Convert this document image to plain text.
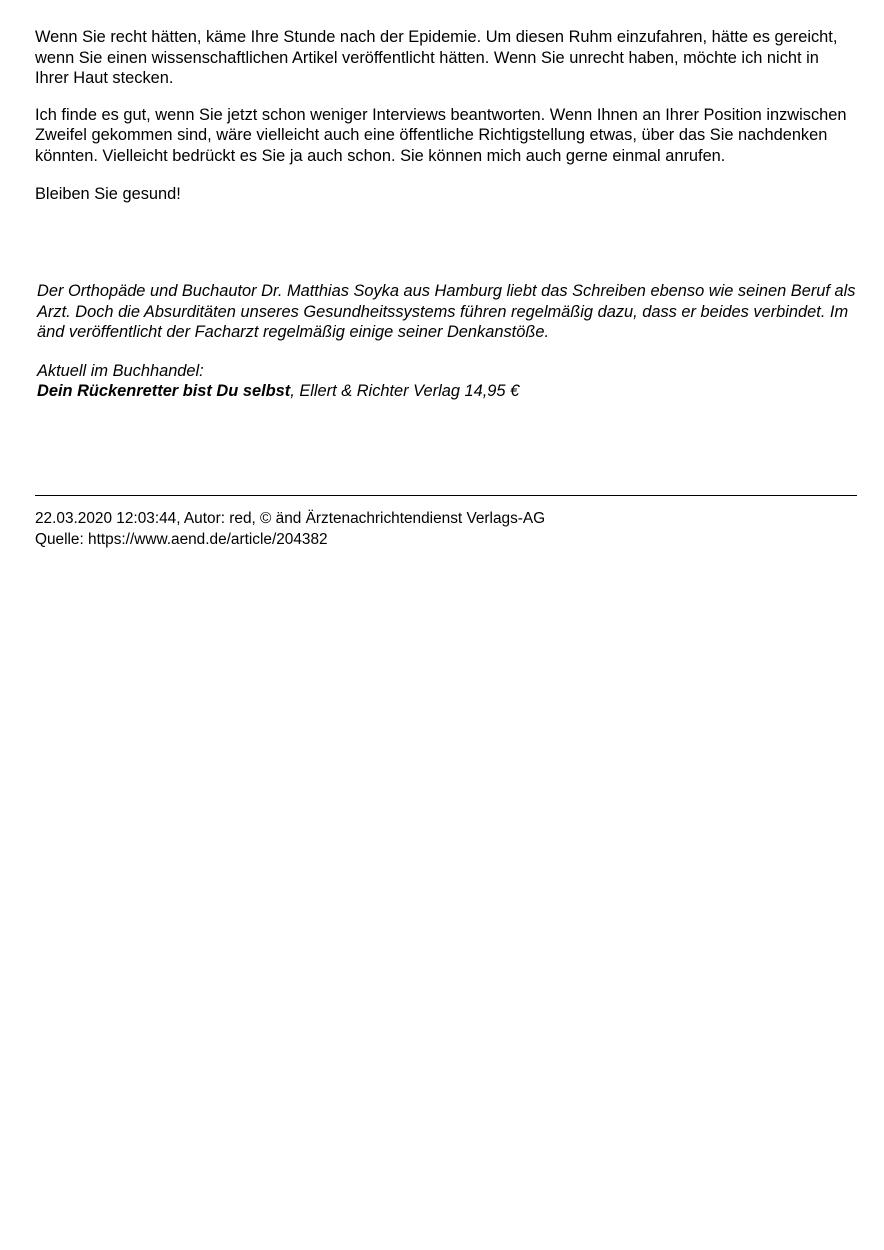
Wenn Sie recht hätten, käme Ihre Stunde nach der Epidemie. Um diesen Ruhm einzufahren, hätte es gereicht, wenn Sie einen wissenschaftlichen Artikel veröffentlicht hätten. Wenn Sie unrecht haben, möchte ich nicht in Ihrer Haut stecken.

Ich finde es gut, wenn Sie jetzt schon weniger Interviews beantworten. Wenn Ihnen an Ihrer Position inzwischen Zweifel gekommen sind, wäre vielleicht auch eine öffentliche Richtigstellung etwas, über das Sie nachdenken könnten. Vielleicht bedrückt es Sie ja auch schon. Sie können mich auch gerne einmal anrufen.

Bleiben Sie gesund!

Der Orthopäde und Buchautor Dr. Matthias Soyka aus Hamburg liebt das Schreiben ebenso wie seinen Beruf als Arzt. Doch die Absurditäten unseres Gesundheitssystems führen regelmäßig dazu, dass er beides verbindet. Im änd veröffentlicht der Facharzt regelmäßig einige seiner Denkanstöße.

Aktuell im Buchhandel:

Dein Rückenretter bist Du selbst, Ellert & Richter Verlag 14,95 €

22.03.2020 12:03:44, Autor: red, © änd Ärztenachrichtendienst Verlags-AG

Quelle: https://www.aend.de/article/204382
